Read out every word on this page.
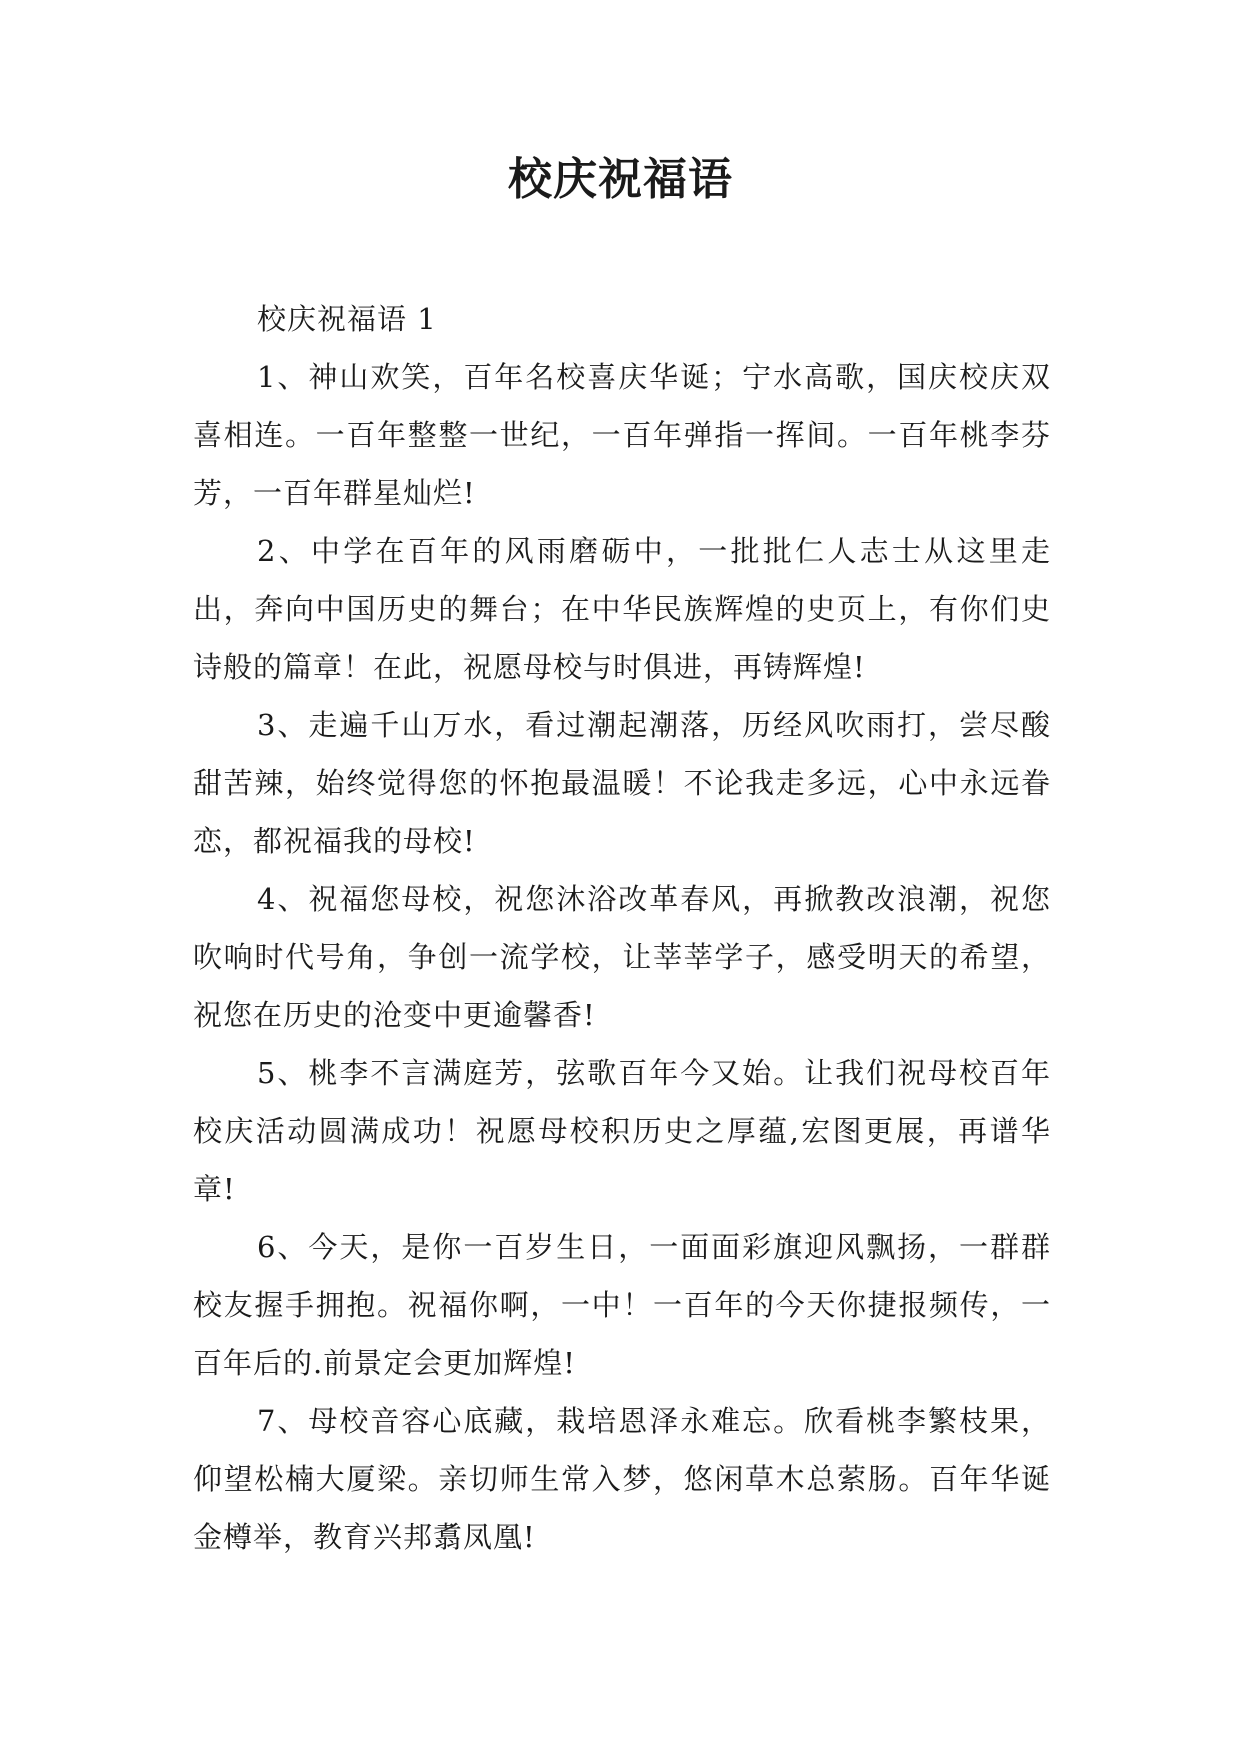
校庆祝福语

校庆祝福语 1

1、神山欢笑，百年名校喜庆华诞；宁水高歌，国庆校庆双喜相连。一百年整整一世纪，一百年弹指一挥间。一百年桃李芬芳，一百年群星灿烂!

2、中学在百年的风雨磨砺中，一批批仁人志士从这里走出，奔向中国历史的舞台；在中华民族辉煌的史页上，有你们史诗般的篇章！在此，祝愿母校与时俱进，再铸辉煌!

3、走遍千山万水，看过潮起潮落，历经风吹雨打，尝尽酸甜苦辣，始终觉得您的怀抱最温暖！不论我走多远，心中永远眷恋，都祝福我的母校!

4、祝福您母校，祝您沐浴改革春风，再掀教改浪潮，祝您吹响时代号角，争创一流学校，让莘莘学子，感受明天的希望，祝您在历史的沧变中更逾馨香!

5、桃李不言满庭芳，弦歌百年今又始。让我们祝母校百年校庆活动圆满成功！祝愿母校积历史之厚蕴,宏图更展，再谱华章!

6、今天，是你一百岁生日，一面面彩旗迎风飘扬，一群群校友握手拥抱。祝福你啊，一中！一百年的今天你捷报频传，一百年后的.前景定会更加辉煌!

7、母校音容心底藏，栽培恩泽永难忘。欣看桃李繁枝果，仰望松楠大厦梁。亲切师生常入梦，悠闲草木总萦肠。百年华诞金樽举，教育兴邦翥凤凰!
